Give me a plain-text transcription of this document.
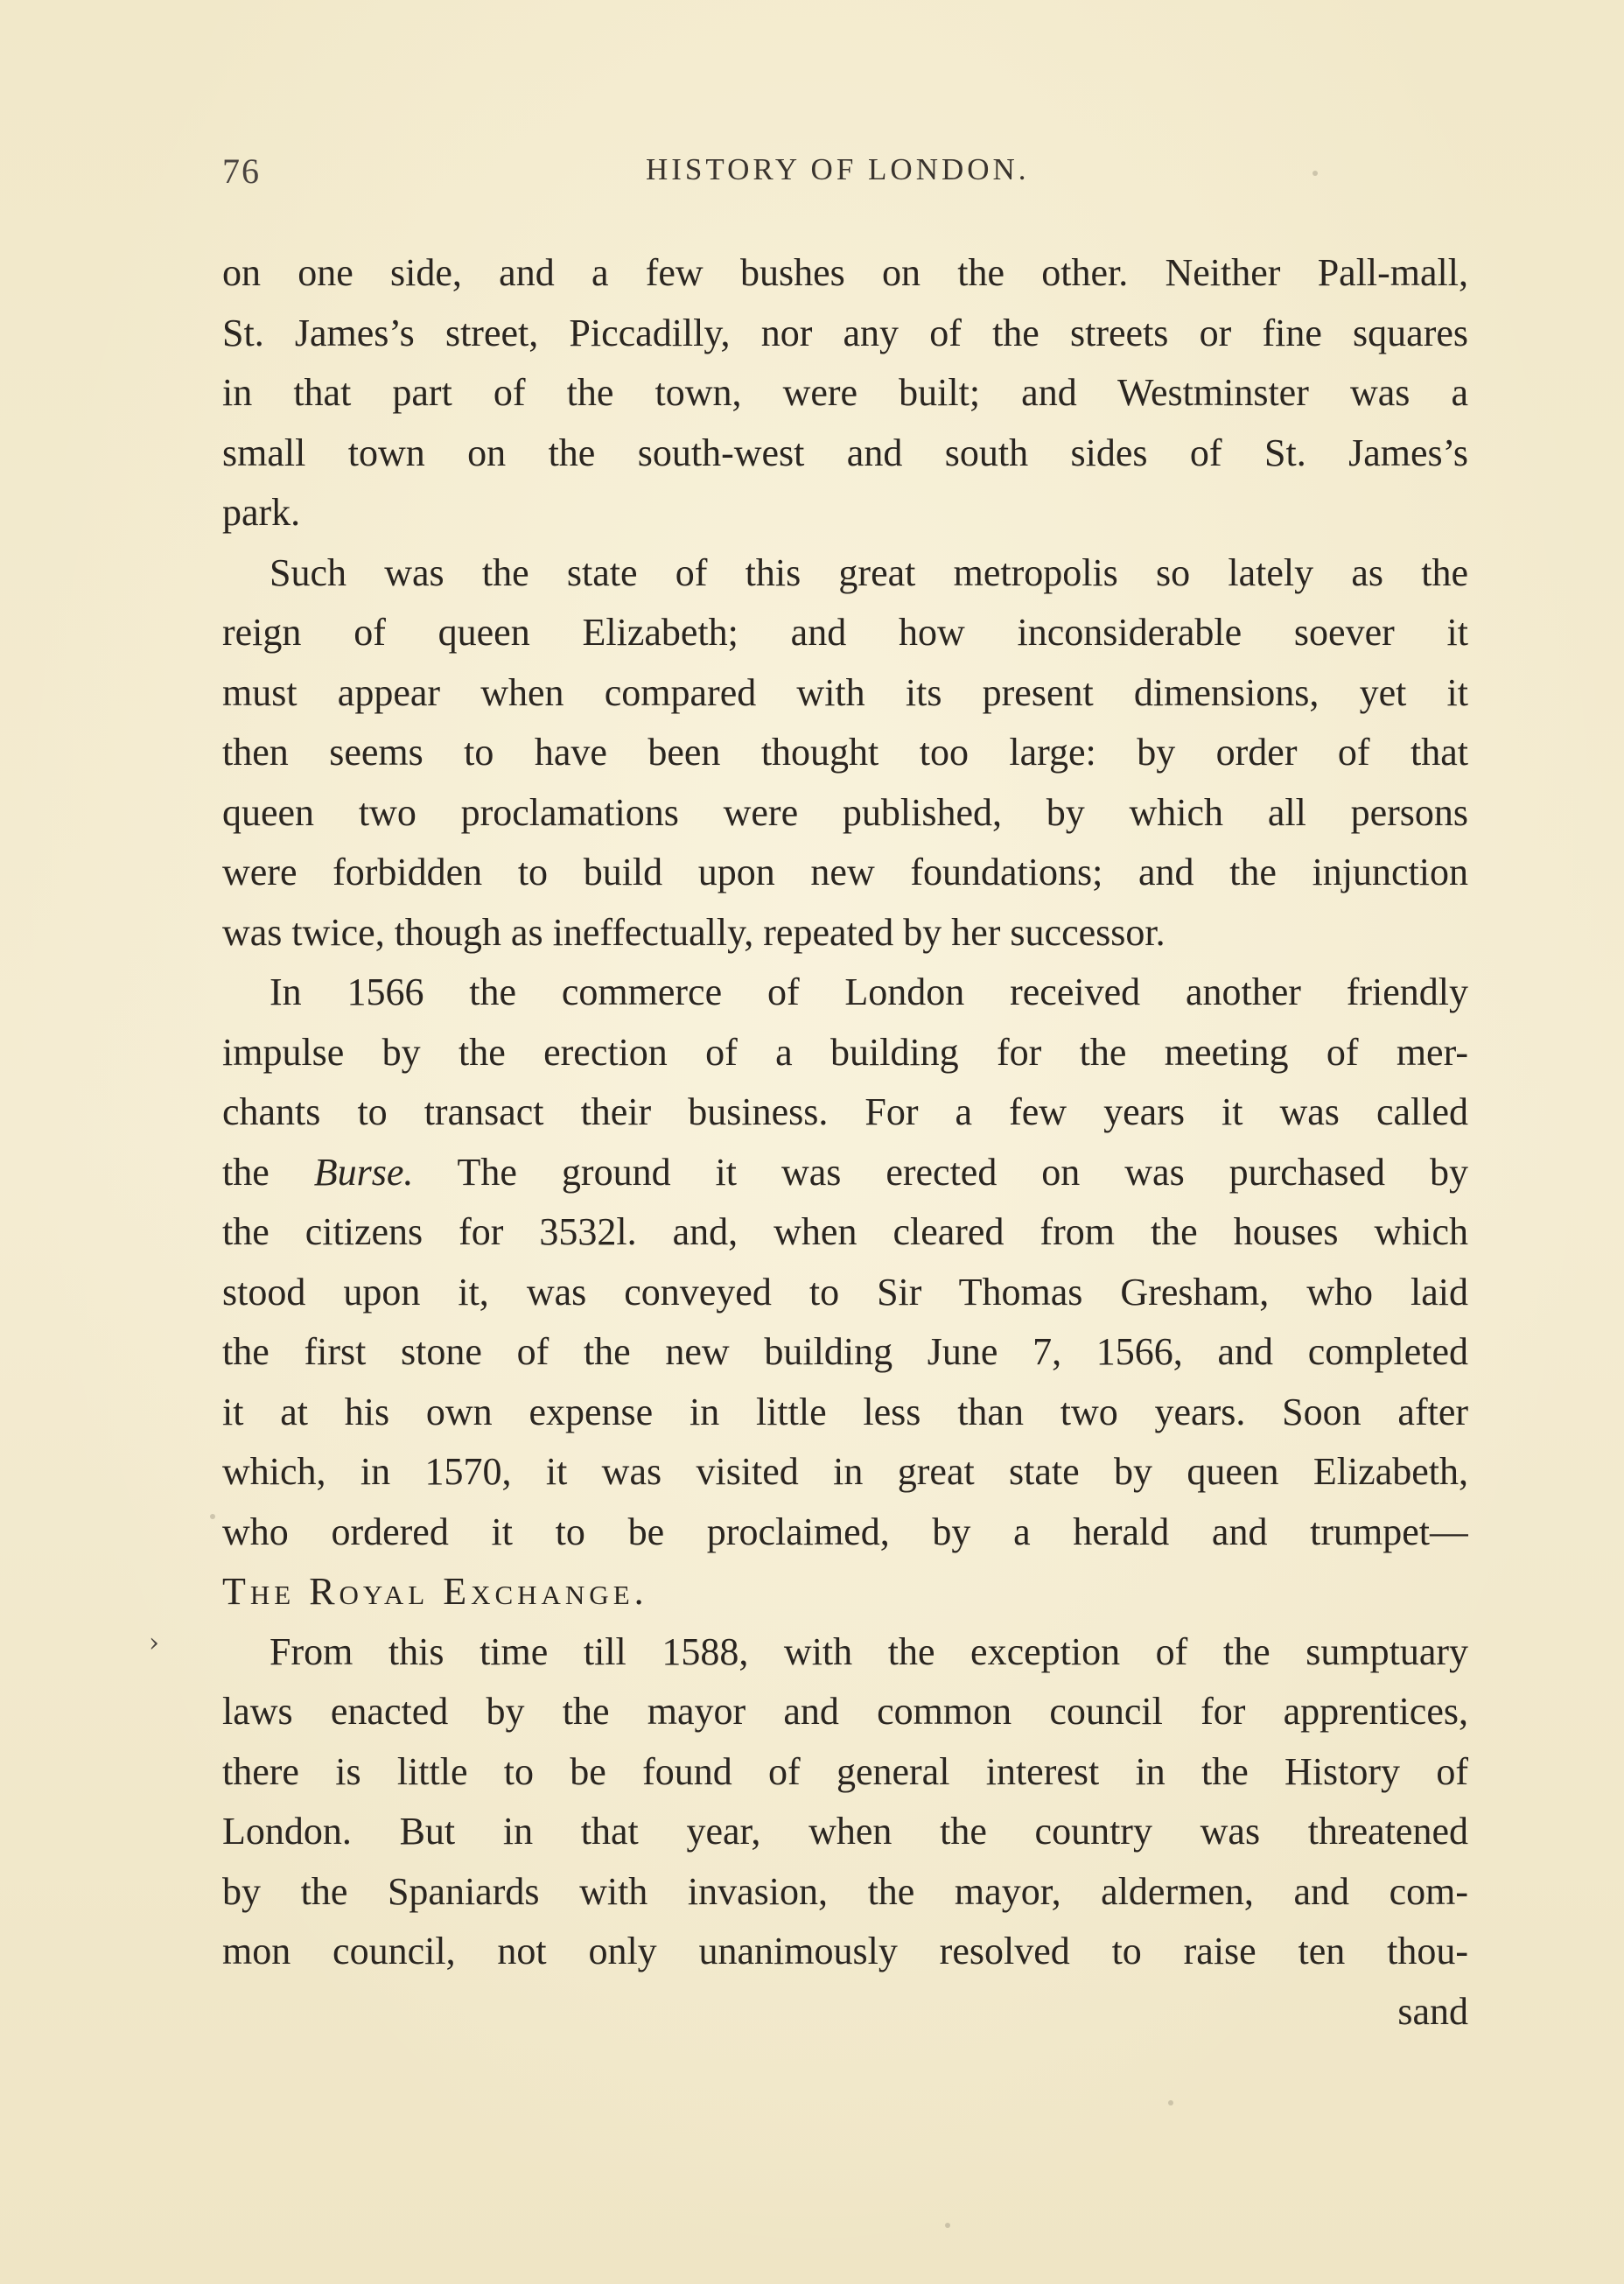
76	HISTORY OF LONDON.
on one side, and a few bushes on the other. Neither Pall-mall,
St. James’s street, Piccadilly, nor any of the streets or fine squares
in that part of the town, were built; and Westminster was a
small town on the south-west and south sides of St. James’s
park.
Such was the state of this great metropolis so lately as the
reign of queen Elizabeth; and how inconsiderable soever it
must appear when compared with its present dimensions, yet it
then seems to have been thought too large: by order of that
queen two proclamations were published, by which all persons
were forbidden to build upon new foundations; and the injunction
was twice, though as ineffectually, repeated by her successor.
In 1566 the commerce of London received another friendly
impulse by the erection of a building for the meeting of mer-
chants to transact their business. For a few years it was called
the Burse. The ground it was erected on was purchased by
the citizens for 3532l. and, when cleared from the houses which
stood upon it, was conveyed to Sir Thomas Gresham, who laid
the first stone of the new building June 7, 1566, and completed
it at his own expense in little less than two years. Soon after
which, in 1570, it was visited in great state by queen Elizabeth,
who ordered it to be proclaimed, by a herald and trumpet—
The Royal Exchange.
From this time till 1588, with the exception of the sumptuary
laws enacted by the mayor and common council for apprentices,
there is little to be found of general interest in the History of
London. But in that year, when the country was threatened
by the Spaniards with invasion, the mayor, aldermen, and com-
mon council, not only unanimously resolved to raise ten thou-
sand
›
